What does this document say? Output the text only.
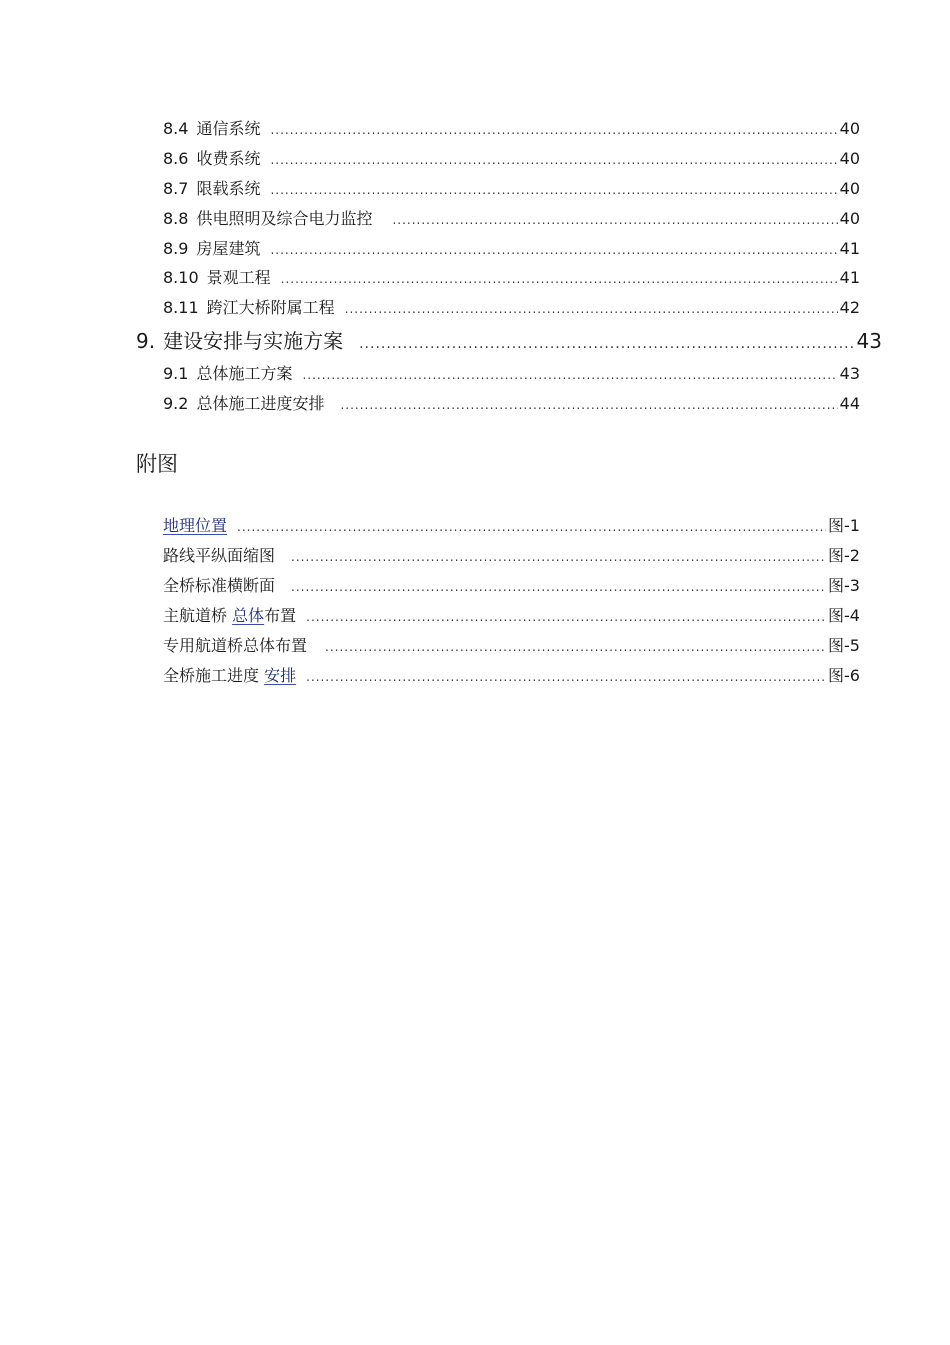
8.4 通信系统 .....	40
8.6 收费系统 .....	40
8.7 限载系统 .....	40
8.8 供电照明及综合电力监控 .....	40
8.9 房屋建筑 .....	41
8.10 景观工程 .....	41
8.11 跨江大桥附属工程 .....	42
9. 建设安排与实施方案 .....	43
9.1 总体施工方案 .....	43
9.2 总体施工进度安排 .....	44
附图
地理位置 .....	图-1
路线平纵面缩图 .....	图-2
全桥标准横断面 .....	图-3
主航道桥 总体布置 .....	图-4
专用航道桥总体布置 .....	图-5
全桥施工进度 安排 .....	图-6
